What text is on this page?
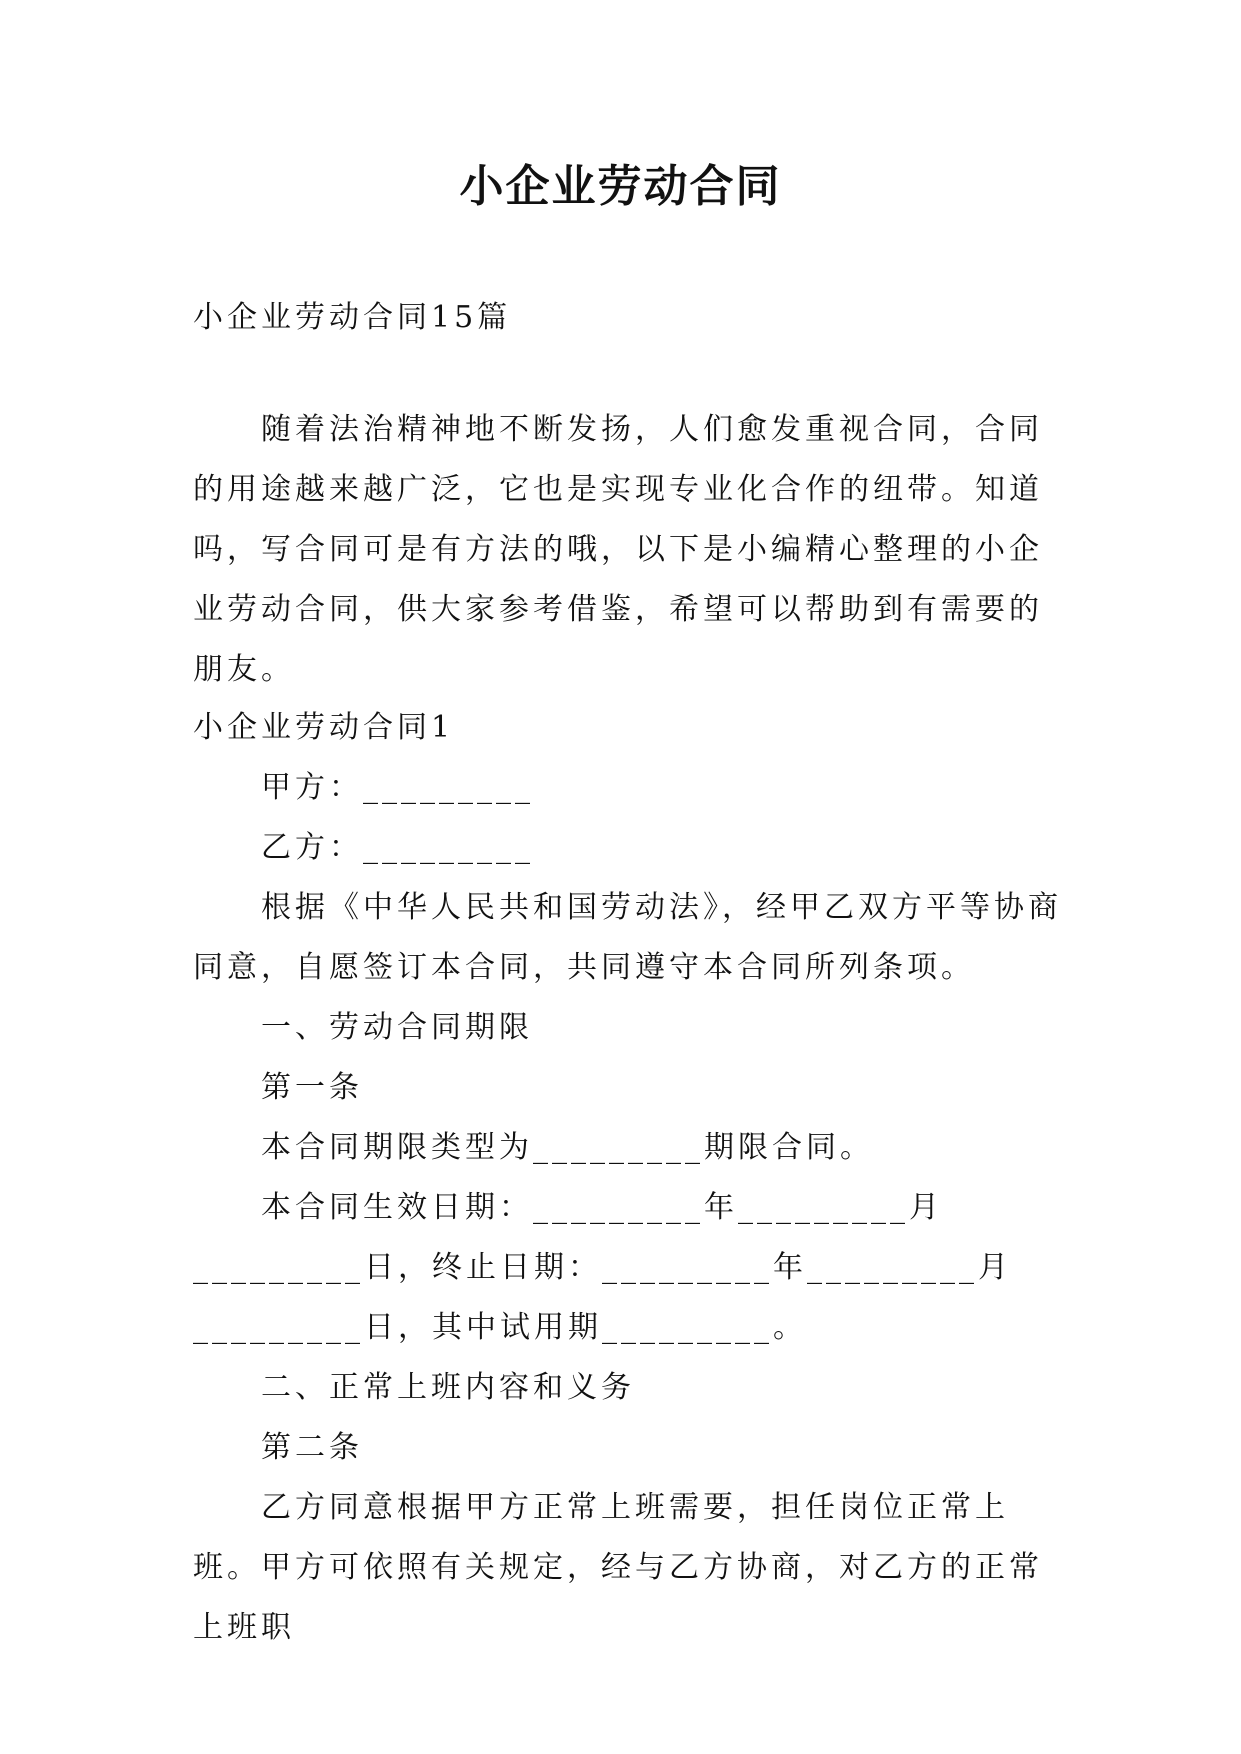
小企业劳动合同

小企业劳动合同15篇

随着法治精神地不断发扬，人们愈发重视合同，合同的用途越来越广泛，它也是实现专业化合作的纽带。知道吗，写合同可是有方法的哦，以下是小编精心整理的小企业劳动合同，供大家参考借鉴，希望可以帮助到有需要的朋友。

小企业劳动合同1

甲方：_________

乙方：_________

根据《中华人民共和国劳动法》，经甲乙双方平等协商同意，自愿签订本合同，共同遵守本合同所列条项。

一、劳动合同期限

第一条

本合同期限类型为_________期限合同。

本合同生效日期：_________年_________月_________日，终止日期：_________年_________月_________日，其中试用期_________。

二、正常上班内容和义务

第二条

乙方同意根据甲方正常上班需要，担任岗位正常上班。甲方可依照有关规定，经与乙方协商，对乙方的正常上班职
